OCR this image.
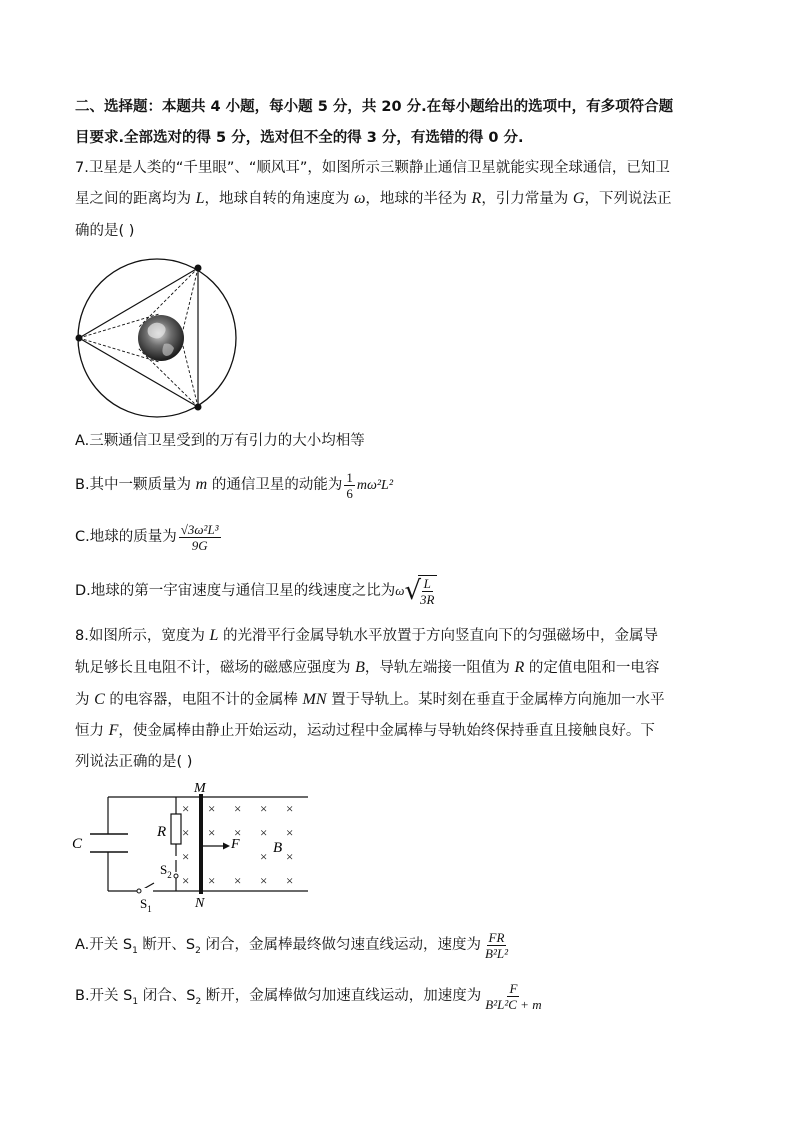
二、选择题：本题共 4 小题，每小题 5 分，共 20 分.在每小题给出的选项中，有多项符合题
目要求.全部选对的得 5 分，选对但不全的得 3 分，有选错的得 0 分.
7.卫星是人类的“千里眼”、“顺风耳”，如图所示三颗静止通信卫星就能实现全球通信，已知卫
星之间的距离均为 L，地球自转的角速度为 ω，地球的半径为 R，引力常量为 G，下列说法正
确的是( )
A.三颗通信卫星受到的万有引力的大小均相等
B.其中一颗质量为 m 的通信卫星的动能为 $\frac{1}{6} m\omega^2L^2$
C.地球的质量为 $\frac{\text{√3ω²L³}}{9G}$
D.地球的第一宇宙速度与通信卫星的线速度之比为ω√
$\frac{L}{3R}$
8.如图所示，宽度为 L 的光滑平行金属导轨水平放置于方向竖直向下的匀强磁场中，金属导
轨足够长且电阻不计，磁场的磁感应强度为 B，导轨左端接一阻值为 R 的定值电阻和一电容
为 C 的电容器，电阻不计的金属棒 MN 置于导轨上。某时刻在垂直于金属棒方向施加一水平
恒力 F，使金属棒由静止开始运动，运动过程中金属棒与导轨始终保持垂直且接触良好。下
列说法正确的是( )
C
R
M
N
F B
$S_2$
$S_1$
×
×
×
×
× × × ×
× × × ×
× ×
× × × ×
A.开关 $S_1$ 断开、$S_2$ 闭合，金属棒最终做匀速直线运动，速度为 $\frac{FR}{\text{B²L²}}$
B.开关 $S_1$ 闭合、$S_2$ 断开，金属棒做匀加速直线运动，加速度为 $\frac{F}{\text{B²L²C + m}}$
